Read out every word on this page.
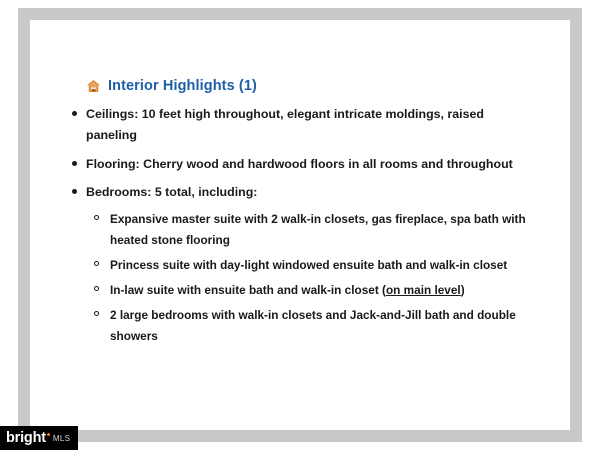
Interior Highlights (1)
Ceilings: 10 feet high throughout, elegant intricate moldings, raised paneling
Flooring: Cherry wood and hardwood floors in all rooms and throughout
Bedrooms: 5 total, including:
Expansive master suite with 2 walk-in closets, gas fireplace, spa bath with heated stone flooring
Princess suite with day-light windowed ensuite bath and walk-in closet
In-law suite with ensuite bath and walk-in closet (on main level)
2 large bedrooms with walk-in closets and Jack-and-Jill bath and double showers
bright MLS
